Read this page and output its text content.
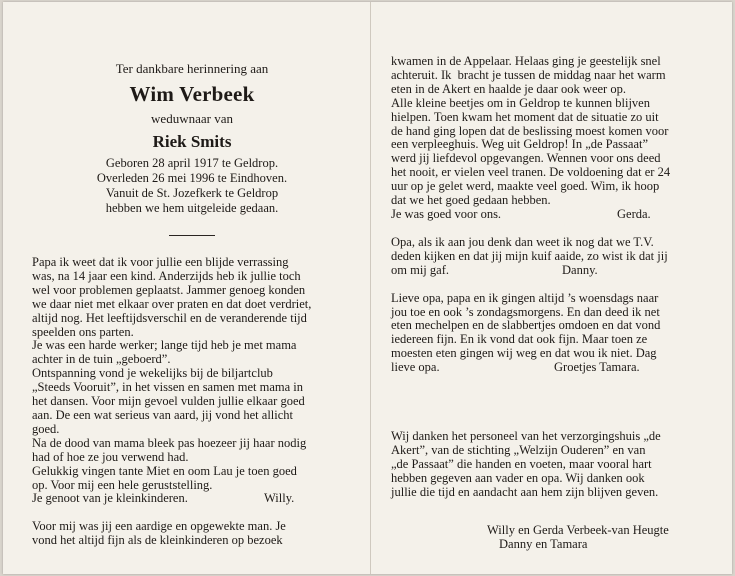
Ter dankbare herinnering aan
Wim Verbeek
weduwnaar van
Riek Smits
Geboren 28 april 1917 te Geldrop.
Overleden 26 mei 1996 te Eindhoven.
Vanuit de St. Jozefkerk te Geldrop
hebben we hem uitgeleide gedaan.
Papa ik weet dat ik voor jullie een blijde verrassing
was, na 14 jaar een kind. Anderzijds heb ik jullie toch
wel voor problemen geplaatst. Jammer genoeg konden
we daar niet met elkaar over praten en dat doet verdriet,
altijd nog. Het leeftijdsverschil en de veranderende tijd
speelden ons parten.
Je was een harde werker; lange tijd heb je met mama
achter in de tuin „geboerd”.
Ontspanning vond je wekelijks bij de biljartclub
„Steeds Vooruit”, in het vissen en samen met mama in
het dansen. Voor mijn gevoel vulden jullie elkaar goed
aan. De een wat serieus van aard, jij vond het allicht
goed.
Na de dood van mama bleek pas hoezeer jij haar nodig
had of hoe ze jou verwend had.
Gelukkig vingen tante Miet en oom Lau je toen goed
op. Voor mij een hele geruststelling.
Je genoot van je kleinkinderen.	Willy.
Voor mij was jij een aardige en opgewekte man. Je
vond het altijd fijn als de kleinkinderen op bezoek
kwamen in de Appelaar. Helaas ging je geestelijk snel
achteruit. Ik  bracht je tussen de middag naar het warm
eten in de Akert en haalde je daar ook weer op.
Alle kleine beetjes om in Geldrop te kunnen blijven
hielpen. Toen kwam het moment dat de situatie zo uit
de hand ging lopen dat de beslissing moest komen voor
een verpleeghuis. Weg uit Geldrop! In „de Passaat”
werd jij liefdevol opgevangen. Wennen voor ons deed
het nooit, er vielen veel tranen. De voldoening dat er 24
uur op je gelet werd, maakte veel goed. Wim, ik hoop
dat we het goed gedaan hebben.
Je was goed voor ons.	Gerda.
Opa, als ik aan jou denk dan weet ik nog dat we T.V.
deden kijken en dat jij mijn kuif aaide, zo wist ik dat jij
om mij gaf.	Danny.
Lieve opa, papa en ik gingen altijd ’s woensdags naar
jou toe en ook ’s zondagsmorgens. En dan deed ik net
eten mechelpen en de slabbertjes omdoen en dat vond
iedereen fijn. En ik vond dat ook fijn. Maar toen ze
moesten eten gingen wij weg en dat wou ik niet. Dag
lieve opa.	Groetjes Tamara.
Wij danken het personeel van het verzorgingshuis „de
Akert”, van de stichting „Welzijn Ouderen” en van
„de Passaat” die handen en voeten, maar vooral hart
hebben gegeven aan vader en opa. Wij danken ook
jullie die tijd en aandacht aan hem zijn blijven geven.
Willy en Gerda Verbeek-van Heugte
Danny en Tamara
